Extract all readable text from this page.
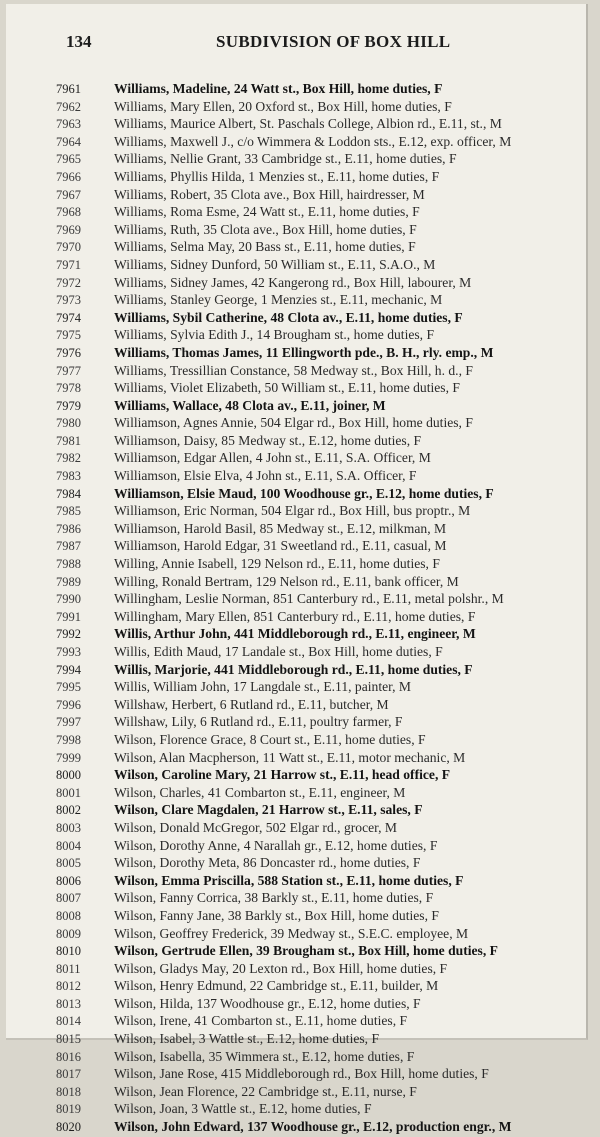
134	SUBDIVISION OF BOX HILL
7961 Williams, Madeline, 24 Watt st., Box Hill, home duties, F
7962 Williams, Mary Ellen, 20 Oxford st., Box Hill, home duties, F
7963 Williams, Maurice Albert, St. Paschals College, Albion rd., E.11, st., M
7964 Williams, Maxwell J., c/o Wimmera & Loddon sts., E.12, exp. officer, M
7965 Williams, Nellie Grant, 33 Cambridge st., E.11, home duties, F
7966 Williams, Phyllis Hilda, 1 Menzies st., E.11, home duties, F
7967 Williams, Robert, 35 Clota ave., Box Hill, hairdresser, M
7968 Williams, Roma Esme, 24 Watt st., E.11, home duties, F
7969 Williams, Ruth, 35 Clota ave., Box Hill, home duties, F
7970 Williams, Selma May, 20 Bass st., E.11, home duties, F
7971 Williams, Sidney Dunford, 50 William st., E.11, S.A.O., M
7972 Williams, Sidney James, 42 Kangerong rd., Box Hill, labourer, M
7973 Williams, Stanley George, 1 Menzies st., E.11, mechanic, M
7974 Williams, Sybil Catherine, 48 Clota av., E.11, home duties, F
7975 Williams, Sylvia Edith J., 14 Brougham st., home duties, F
7976 Williams, Thomas James, 11 Ellingworth pde., B. H., rly. emp., M
7977 Williams, Tressillian Constance, 58 Medway st., Box Hill, h. d., F
7978 Williams, Violet Elizabeth, 50 William st., E.11, home duties, F
7979 Williams, Wallace, 48 Clota av., E.11, joiner, M
7980 Williamson, Agnes Annie, 504 Elgar rd., Box Hill, home duties, F
7981 Williamson, Daisy, 85 Medway st., E.12, home duties, F
7982 Williamson, Edgar Allen, 4 John st., E.11, S.A. Officer, M
7983 Williamson, Elsie Elva, 4 John st., E.11, S.A. Officer, F
7984 Williamson, Elsie Maud, 100 Woodhouse gr., E.12, home duties, F
7985 Williamson, Eric Norman, 504 Elgar rd., Box Hill, bus proptr., M
7986 Williamson, Harold Basil, 85 Medway st., E.12, milkman, M
7987 Williamson, Harold Edgar, 31 Sweetland rd., E.11, casual, M
7988 Willing, Annie Isabell, 129 Nelson rd., E.11, home duties, F
7989 Willing, Ronald Bertram, 129 Nelson rd., E.11, bank officer, M
7990 Willingham, Leslie Norman, 851 Canterbury rd., E.11, metal polshr., M
7991 Willingham, Mary Ellen, 851 Canterbury rd., E.11, home duties, F
7992 Willis, Arthur John, 441 Middleborough rd., E.11, engineer, M
7993 Willis, Edith Maud, 17 Landale st., Box Hill, home duties, F
7994 Willis, Marjorie, 441 Middleborough rd., E.11, home duties, F
7995 Willis, William John, 17 Langdale st., E.11, painter, M
7996 Willshaw, Herbert, 6 Rutland rd., E.11, butcher, M
7997 Willshaw, Lily, 6 Rutland rd., E.11, poultry farmer, F
7998 Wilson, Florence Grace, 8 Court st., E.11, home duties, F
7999 Wilson, Alan Macpherson, 11 Watt st., E.11, motor mechanic, M
8000 Wilson, Caroline Mary, 21 Harrow st., E.11, head office, F
8001 Wilson, Charles, 41 Combarton st., E.11, engineer, M
8002 Wilson, Clare Magdalen, 21 Harrow st., E.11, sales, F
8003 Wilson, Donald McGregor, 502 Elgar rd., grocer, M
8004 Wilson, Dorothy Anne, 4 Narallah gr., E.12, home duties, F
8005 Wilson, Dorothy Meta, 86 Doncaster rd., home duties, F
8006 Wilson, Emma Priscilla, 588 Station st., E.11, home duties, F
8007 Wilson, Fanny Corrica, 38 Barkly st., E.11, home duties, F
8008 Wilson, Fanny Jane, 38 Barkly st., Box Hill, home duties, F
8009 Wilson, Geoffrey Frederick, 39 Medway st., S.E.C. employee, M
8010 Wilson, Gertrude Ellen, 39 Brougham st., Box Hill, home duties, F
8011 Wilson, Gladys May, 20 Lexton rd., Box Hill, home duties, F
8012 Wilson, Henry Edmund, 22 Cambridge st., E.11, builder, M
8013 Wilson, Hilda, 137 Woodhouse gr., E.12, home duties, F
8014 Wilson, Irene, 41 Combarton st., E.11, home duties, F
8015 Wilson, Isabel, 3 Wattle st., E.12, home duties, F
8016 Wilson, Isabella, 35 Wimmera st., E.12, home duties, F
8017 Wilson, Jane Rose, 415 Middleborough rd., Box Hill, home duties, F
8018 Wilson, Jean Florence, 22 Cambridge st., E.11, nurse, F
8019 Wilson, Joan, 3 Wattle st., E.12, home duties, F
8020 Wilson, John Edward, 137 Woodhouse gr., E.12, production engr., M
